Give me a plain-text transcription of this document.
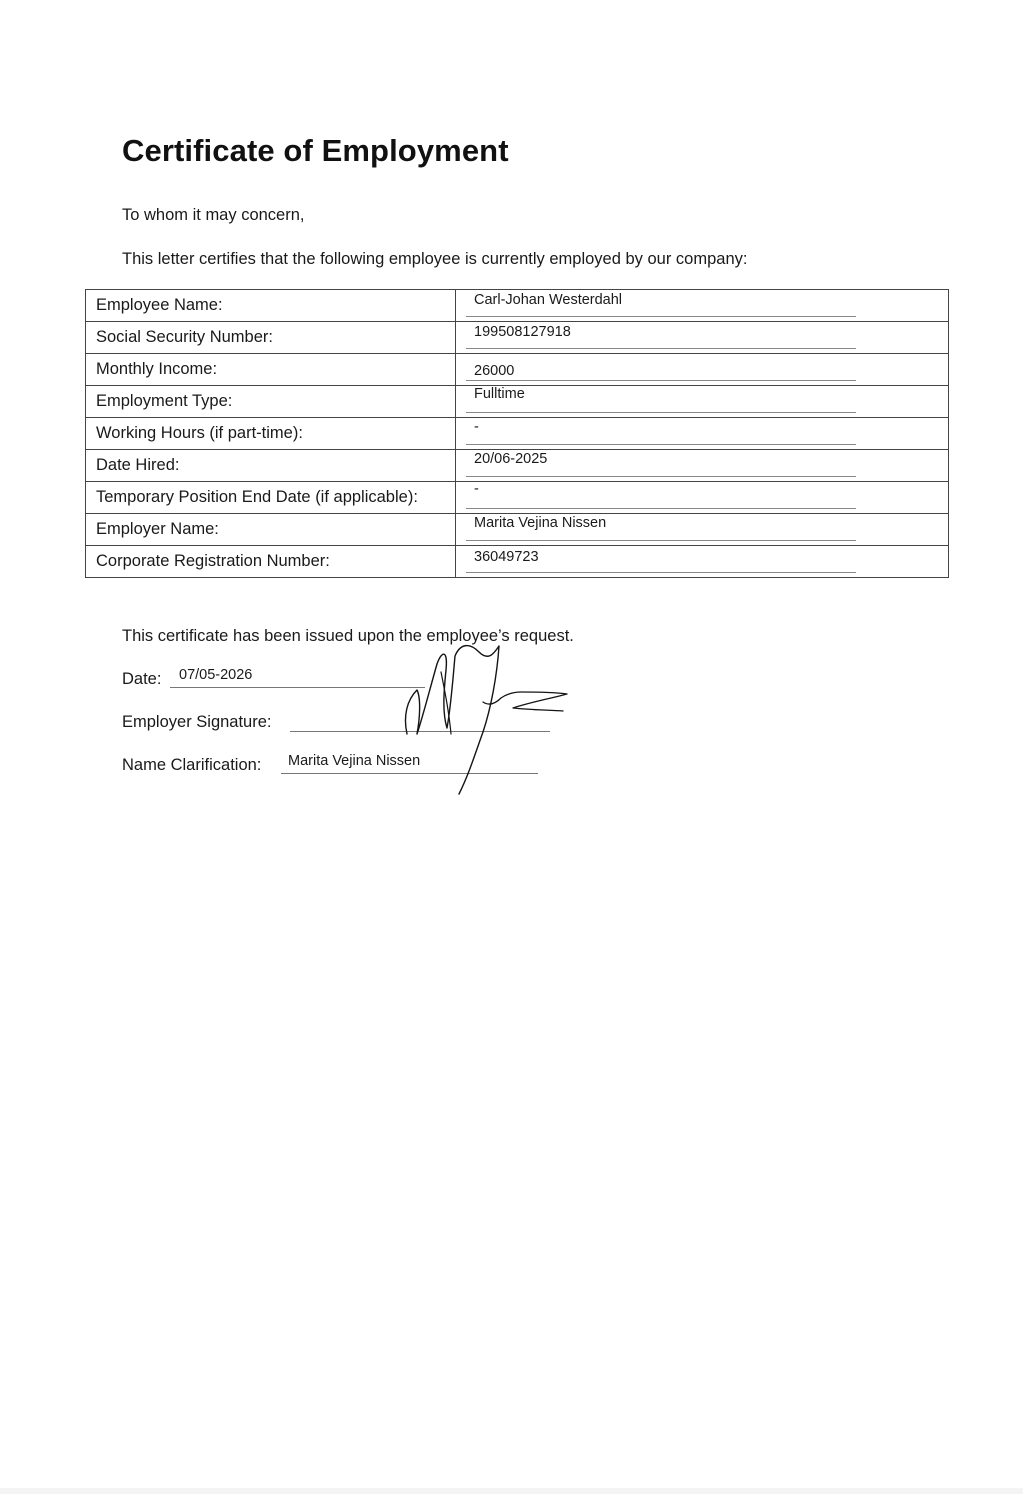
Certificate of Employment

To whom it may concern,

This letter certifies that the following employee is currently employed by our company:

Employee Name:	Carl-Johan Westerdahl

Social Security Number:	199508127918

Monthly Income:	26000

Employment Type:	Fulltime

Working Hours (if part-time):	-

Date Hired:	20/06-2025

Temporary Position End Date (if applicable):	-

Employer Name:	Marita Vejina Nissen

Corporate Registration Number:	36049723

This certificate has been issued upon the employee’s request.

Date: 07/05-2026
Employer Signature:
Name Clarification: Marita Vejina Nissen
